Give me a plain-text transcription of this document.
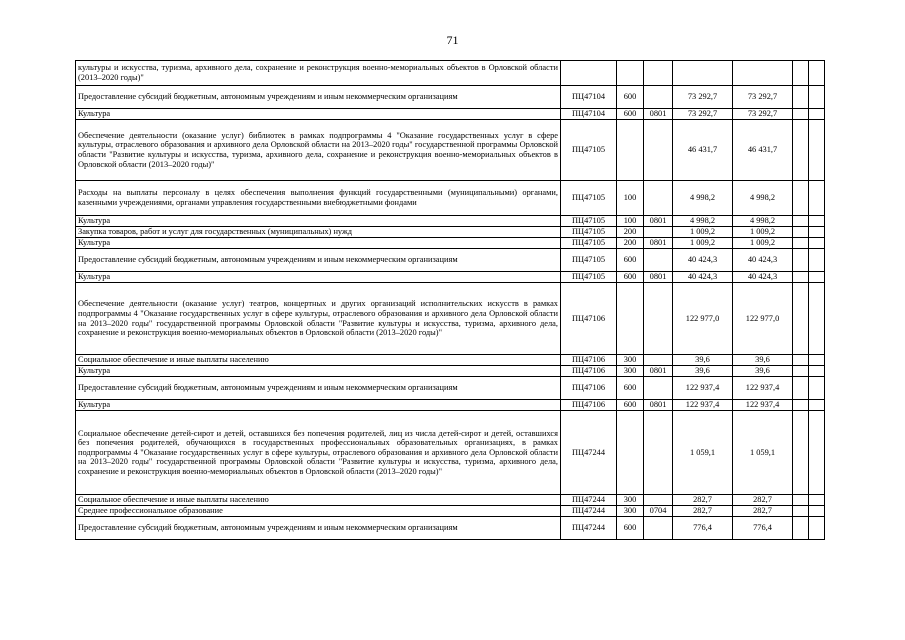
71
культуры и искусства, туризма, архивного дела, сохранение и реконструкция военно-мемориальных объектов в Орловской области (2013–2020 годы)"							
Предоставление субсидий бюджетным, автономным учреждениям и иным некоммерческим организациям	ПЦ47104	600		73 292,7	73 292,7		
Культура	ПЦ47104	600	0801	73 292,7	73 292,7		
Обеспечение деятельности (оказание услуг) библиотек в рамках подпрограммы 4 "Оказание государственных услуг в сфере культуры, отраслевого образования и архивного дела Орловской области на 2013–2020 годы" государственной программы Орловской области "Развитие культуры и искусства, туризма, архивного дела, сохранение и реконструкция военно-мемориальных объектов в Орловской области (2013–2020 годы)"	ПЦ47105			46 431,7	46 431,7		
Расходы на выплаты персоналу в целях обеспечения выполнения функций государственными (муниципальными) органами, казенными учреждениями, органами управления государственными внебюджетными фондами	ПЦ47105	100		4 998,2	4 998,2		
Культура	ПЦ47105	100	0801	4 998,2	4 998,2		
Закупка товаров, работ и услуг для государственных (муниципальных) нужд	ПЦ47105	200		1 009,2	1 009,2		
Культура	ПЦ47105	200	0801	1 009,2	1 009,2		
Предоставление субсидий бюджетным, автономным учреждениям и иным некоммерческим организациям	ПЦ47105	600		40 424,3	40 424,3		
Культура	ПЦ47105	600	0801	40 424,3	40 424,3		
Обеспечение деятельности (оказание услуг) театров, концертных и других организаций исполнительских искусств в рамках подпрограммы 4 "Оказание государственных услуг в сфере культуры, отраслевого образования и архивного дела Орловской области на 2013–2020 годы" государственной программы Орловской области "Развитие культуры и искусства, туризма, архивного дела, сохранение и реконструкция военно-мемориальных объектов в Орловской области (2013–2020 годы)"	ПЦ47106			122 977,0	122 977,0		
Социальное обеспечение и иные выплаты населению	ПЦ47106	300		39,6	39,6		
Культура	ПЦ47106	300	0801	39,6	39,6		
Предоставление субсидий бюджетным, автономным учреждениям и иным некоммерческим организациям	ПЦ47106	600		122 937,4	122 937,4		
Культура	ПЦ47106	600	0801	122 937,4	122 937,4		
Социальное обеспечение детей-сирот и детей, оставшихся без попечения родителей, лиц из числа детей-сирот и детей, оставшихся без попечения родителей, обучающихся в государственных профессиональных образовательных организациях, в рамках подпрограммы 4 "Оказание государственных услуг в сфере культуры, отраслевого образования и архивного дела Орловской области на 2013–2020 годы" государственной программы Орловской области "Развитие культуры и искусства, туризма, архивного дела, сохранение и реконструкция военно-мемориальных объектов в Орловской области (2013–2020 годы)"	ПЦ47244			1 059,1	1 059,1		
Социальное обеспечение и иные выплаты населению	ПЦ47244	300		282,7	282,7		
Среднее профессиональное образование	ПЦ47244	300	0704	282,7	282,7		
Предоставление субсидий бюджетным, автономным учреждениям и иным некоммерческим организациям	ПЦ47244	600		776,4	776,4		
